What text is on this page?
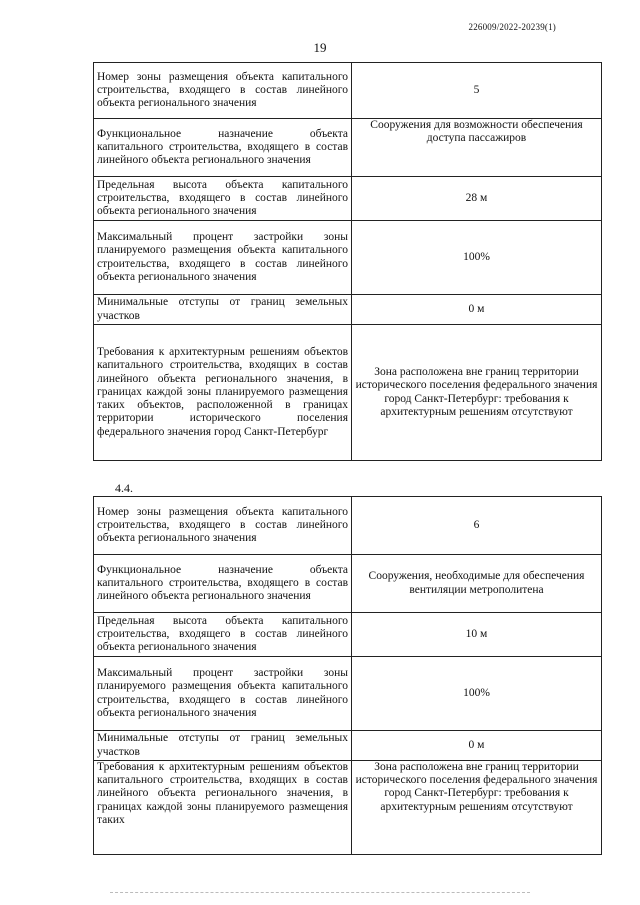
226009/2022-20239(1)
19
Номер зоны размещения объекта капитального строительства, входящего в состав линейного объекта регионального значения	5
Функциональное назначение объекта капитального строительства, входящего в состав линейного объекта регионального значения	Сооружения для возможности обеспечения доступа пассажиров
Предельная высота объекта капитального строительства, входящего в состав линейного объекта регионального значения	28 м
Максимальный процент застройки зоны планируемого размещения объекта капитального строительства, входящего в состав линейного объекта регионального значения	100%
Минимальные отступы от границ земельных участков	0 м
Требования к архитектурным решениям объектов капитального строительства, входящих в состав линейного объекта регионального значения, в границах каждой зоны планируемого размещения таких объектов, расположенной в границах территории исторического поселения федерального значения город Санкт-Петербург	Зона расположена вне границ территории исторического поселения федерального значения город Санкт-Петербург: требования к архитектурным решениям отсутствуют
4.4.
Номер зоны размещения объекта капитального строительства, входящего в состав линейного объекта регионального значения	6
Функциональное назначение объекта капитального строительства, входящего в состав линейного объекта регионального значения	Сооружения, необходимые для обеспечения вентиляции метрополитена
Предельная высота объекта капитального строительства, входящего в состав линейного объекта регионального значения	10 м
Максимальный процент застройки зоны планируемого размещения объекта капитального строительства, входящего в состав линейного объекта регионального значения	100%
Минимальные отступы от границ земельных участков	0 м
Требования к архитектурным решениям объектов капитального строительства, входящих в состав линейного объекта регионального значения, в границах каждой зоны планируемого размещения таких	Зона расположена вне границ территории исторического поселения федерального значения город Санкт-Петербург: требования к архитектурным решениям отсутствуют
